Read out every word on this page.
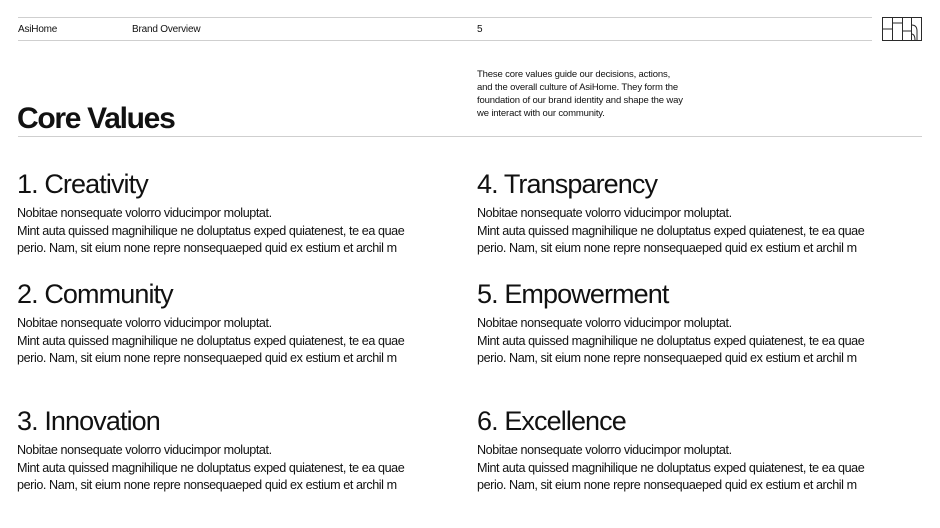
AsiHome	Brand Overview	5
These core values guide our decisions, actions,
and the overall culture of AsiHome. They form the
foundation of our brand identity and shape the way
we interact with our community.
Core Values
1. Creativity
Nobitae nonsequate volorro viducimpor moluptat.
Mint auta quissed magnihilique ne doluptatus exped quiatenest, te ea quae
perio. Nam, sit eium none repre nonsequaeped quid ex estium et archil m
2. Community
Nobitae nonsequate volorro viducimpor moluptat.
Mint auta quissed magnihilique ne doluptatus exped quiatenest, te ea quae
perio. Nam, sit eium none repre nonsequaeped quid ex estium et archil m
3. Innovation
Nobitae nonsequate volorro viducimpor moluptat.
Mint auta quissed magnihilique ne doluptatus exped quiatenest, te ea quae
perio. Nam, sit eium none repre nonsequaeped quid ex estium et archil m
4. Transparency
Nobitae nonsequate volorro viducimpor moluptat.
Mint auta quissed magnihilique ne doluptatus exped quiatenest, te ea quae
perio. Nam, sit eium none repre nonsequaeped quid ex estium et archil m
5. Empowerment
Nobitae nonsequate volorro viducimpor moluptat.
Mint auta quissed magnihilique ne doluptatus exped quiatenest, te ea quae
perio. Nam, sit eium none repre nonsequaeped quid ex estium et archil m
6. Excellence
Nobitae nonsequate volorro viducimpor moluptat.
Mint auta quissed magnihilique ne doluptatus exped quiatenest, te ea quae
perio. Nam, sit eium none repre nonsequaeped quid ex estium et archil m
